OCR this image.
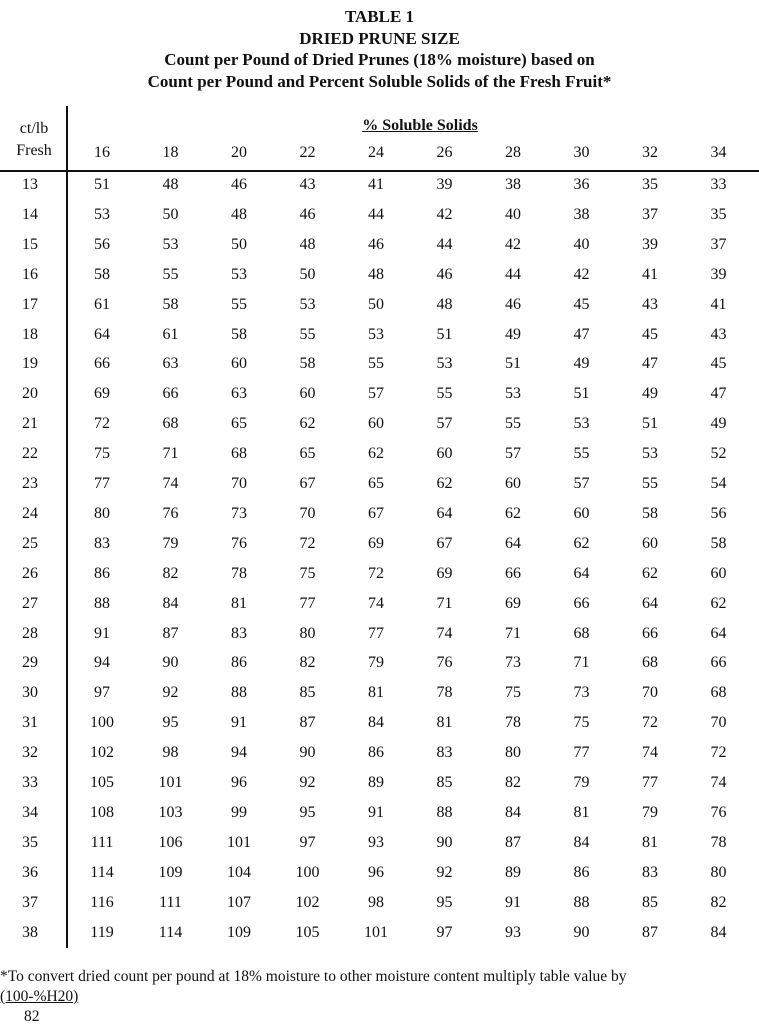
TABLE 1
DRIED PRUNE SIZE
Count per Pound of Dried Prunes (18% moisture) based on
Count per Pound and Percent Soluble Solids of the Fresh Fruit*
ct/lb
Fresh
% Soluble Solids
16	18	20	22	24	26	28	30	32	34
13	51	48	46	43	41	39	38	36	35	33
14	53	50	48	46	44	42	40	38	37	35
15	56	53	50	48	46	44	42	40	39	37
16	58	55	53	50	48	46	44	42	41	39
17	61	58	55	53	50	48	46	45	43	41
18	64	61	58	55	53	51	49	47	45	43
19	66	63	60	58	55	53	51	49	47	45
20	69	66	63	60	57	55	53	51	49	47
21	72	68	65	62	60	57	55	53	51	49
22	75	71	68	65	62	60	57	55	53	52
23	77	74	70	67	65	62	60	57	55	54
24	80	76	73	70	67	64	62	60	58	56
25	83	79	76	72	69	67	64	62	60	58
26	86	82	78	75	72	69	66	64	62	60
27	88	84	81	77	74	71	69	66	64	62
28	91	87	83	80	77	74	71	68	66	64
29	94	90	86	82	79	76	73	71	68	66
30	97	92	88	85	81	78	75	73	70	68
31	100	95	91	87	84	81	78	75	72	70
32	102	98	94	90	86	83	80	77	74	72
33	105	101	96	92	89	85	82	79	77	74
34	108	103	99	95	91	88	84	81	79	76
35	111	106	101	97	93	90	87	84	81	78
36	114	109	104	100	96	92	89	86	83	80
37	116	111	107	102	98	95	91	88	85	82
38	119	114	109	105	101	97	93	90	87	84
*To convert dried count per pound at 18% moisture to other moisture content multiply table value by
(100-%H20)
82
